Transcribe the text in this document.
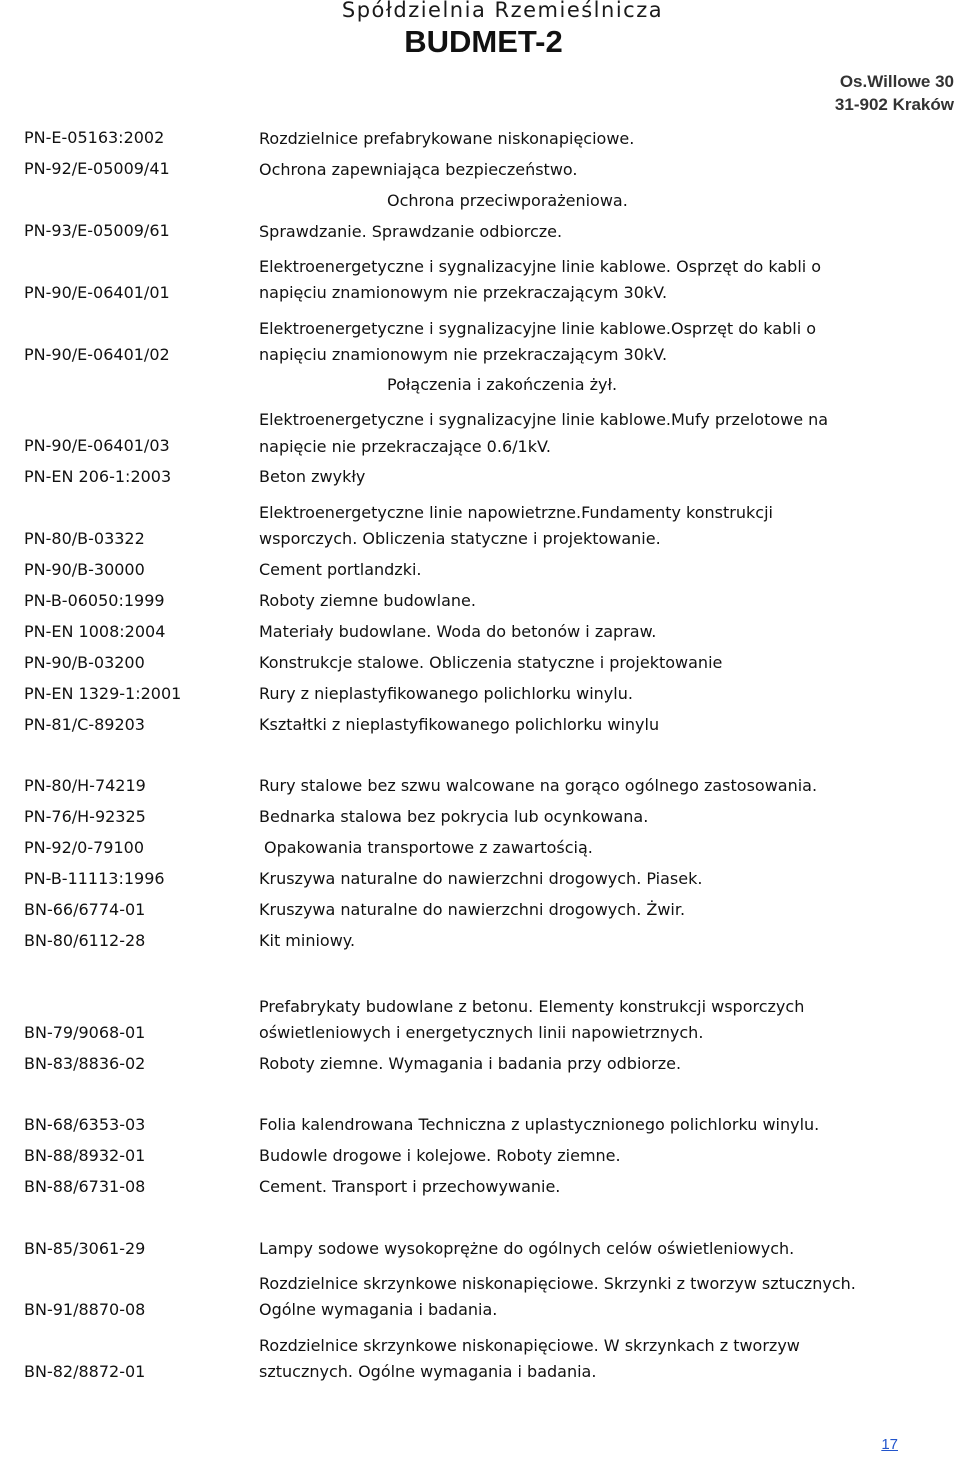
Spółdzielnia Rzemieślnicza
BUDMET-2
Os.Willowe 30
31-902 Kraków
PN-E-05163:2002
PN-92/E-05009/41
PN-93/E-05009/61
PN-90/E-06401/01
PN-90/E-06401/02
PN-90/E-06401/03
PN-EN 206-1:2003
PN-80/B-03322
PN-90/B-30000
PN-B-06050:1999
PN-EN 1008:2004
PN-90/B-03200
PN-EN 1329-1:2001
PN-81/C-89203
PN-80/H-74219
PN-76/H-92325
PN-92/0-79100
PN-B-11113:1996
BN-66/6774-01
BN-80/6112-28
BN-79/9068-01
BN-83/8836-02
BN-68/6353-03
BN-88/8932-01
BN-88/6731-08
BN-85/3061-29
BN-91/8870-08
BN-82/8872-01
Rozdzielnice prefabrykowane niskonapięciowe.
Ochrona zapewniająca bezpieczeństwo.
Ochrona przeciwporażeniowa.
Sprawdzanie. Sprawdzanie odbiorcze.
Elektroenergetyczne i sygnalizacyjne linie kablowe. Osprzęt do kabli o
napięciu znamionowym nie przekraczającym 30kV.
Elektroenergetyczne i sygnalizacyjne linie kablowe.Osprzęt do kabli o
napięciu znamionowym nie przekraczającym 30kV.
Połączenia i zakończenia żył.
Elektroenergetyczne i sygnalizacyjne linie kablowe.Mufy przelotowe na
napięcie nie przekraczające 0.6/1kV.
Beton zwykły
Elektroenergetyczne linie napowietrzne.Fundamenty konstrukcji
wsporczych. Obliczenia statyczne i projektowanie.
Cement portlandzki.
Roboty ziemne budowlane.
Materiały budowlane. Woda do betonów i zapraw.
Konstrukcje stalowe. Obliczenia statyczne i projektowanie
Rury z nieplastyfikowanego polichlorku winylu.
Kształtki z nieplastyfikowanego polichlorku winylu
Rury stalowe bez szwu walcowane na gorąco ogólnego zastosowania.
Bednarka stalowa bez pokrycia lub ocynkowana.
Opakowania transportowe z zawartością.
Kruszywa naturalne do nawierzchni drogowych. Piasek.
Kruszywa naturalne do nawierzchni drogowych. Żwir.
Kit miniowy.
Prefabrykaty budowlane z betonu. Elementy konstrukcji wsporczych
oświetleniowych i energetycznych linii napowietrznych.
Roboty ziemne. Wymagania i badania przy odbiorze.
Folia kalendrowana Techniczna z uplastycznionego polichlorku winylu.
Budowle drogowe i kolejowe. Roboty ziemne.
Cement. Transport i przechowywanie.
Lampy sodowe wysokoprężne do ogólnych celów oświetleniowych.
Rozdzielnice skrzynkowe niskonapięciowe. Skrzynki z tworzyw sztucznych.
Ogólne wymagania i badania.
Rozdzielnice skrzynkowe niskonapięciowe. W skrzynkach z tworzyw
sztucznych. Ogólne wymagania i badania.
17
